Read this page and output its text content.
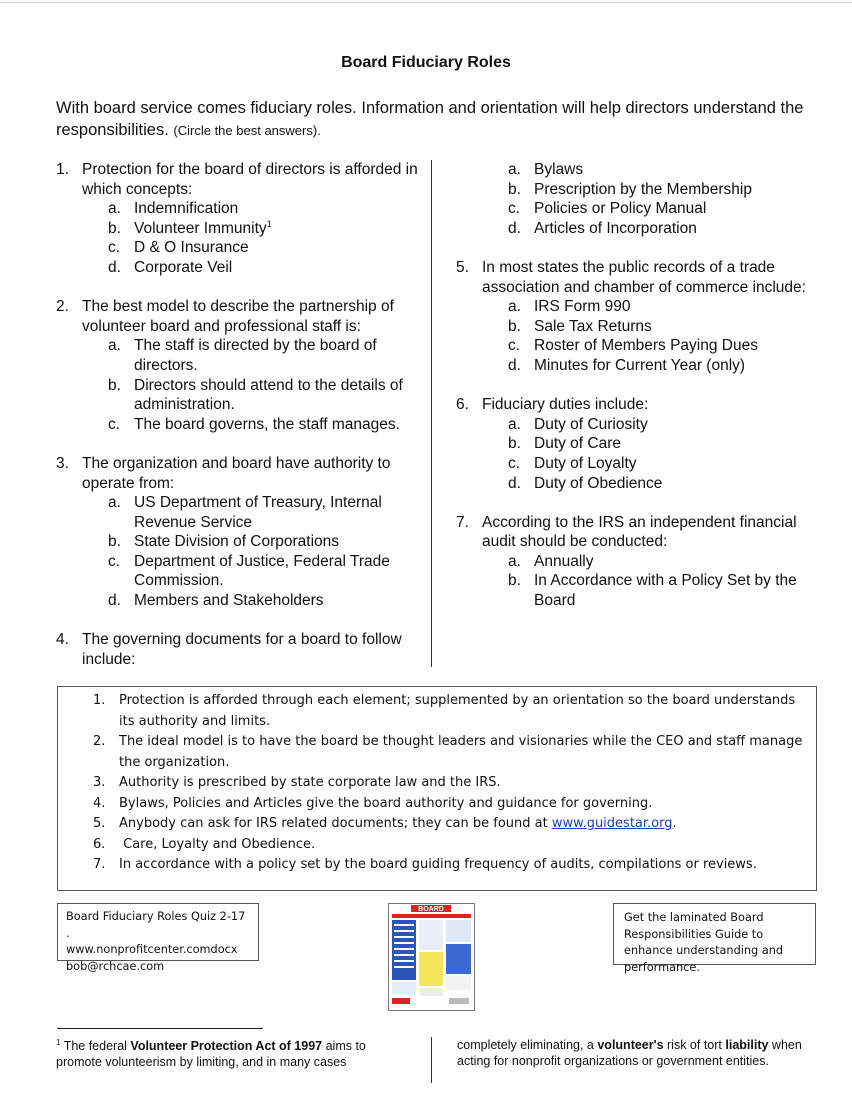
Board Fiduciary Roles
With board service comes fiduciary roles. Information and orientation will help directors understand the responsibilities. (Circle the best answers).
1. Protection for the board of directors is afforded in which concepts:
a. Indemnification
b. Volunteer Immunity$^1$
c. D & O Insurance
d. Corporate Veil
2. The best model to describe the partnership of volunteer board and professional staff is:
a. The staff is directed by the board of directors.
b. Directors should attend to the details of administration.
c. The board governs, the staff manages.
3. The organization and board have authority to operate from:
a. US Department of Treasury, Internal Revenue Service
b. State Division of Corporations
c. Department of Justice, Federal Trade Commission.
d. Members and Stakeholders
4. The governing documents for a board to follow include:
a. Bylaws
b. Prescription by the Membership
c. Policies or Policy Manual
d. Articles of Incorporation
5. In most states the public records of a trade association and chamber of commerce include:
a. IRS Form 990
b. Sale Tax Returns
c. Roster of Members Paying Dues
d. Minutes for Current Year (only)
6. Fiduciary duties include:
a. Duty of Curiosity
b. Duty of Care
c. Duty of Loyalty
d. Duty of Obedience
7. According to the IRS an independent financial audit should be conducted:
a. Annually
b. In Accordance with a Policy Set by the Board
1.	Protection is afforded through each element; supplemented by an orientation so the board understands its authority and limits.
2.	The ideal model is to have the board be thought leaders and visionaries while the CEO and staff manage the organization.
3.	Authority is prescribed by state corporate law and the IRS.
4.	Bylaws, Policies and Articles give the board authority and guidance for governing.
5.	Anybody can ask for IRS related documents; they can be found at www.guidestar.org.
6.	Care, Loyalty and Obedience.
7.	In accordance with a policy set by the board guiding frequency of audits, compilations or reviews.
Board Fiduciary Roles Quiz 2-17 .
www.nonprofitcenter.comdocx
bob@rchcae.com
BOARD
Get the laminated Board Responsibilities Guide to enhance understanding and performance.
$^1$ The federal Volunteer Protection Act of 1997 aims to promote volunteerism by limiting, and in many cases
completely eliminating, a volunteer's risk of tort liability when acting for nonprofit organizations or government entities.
